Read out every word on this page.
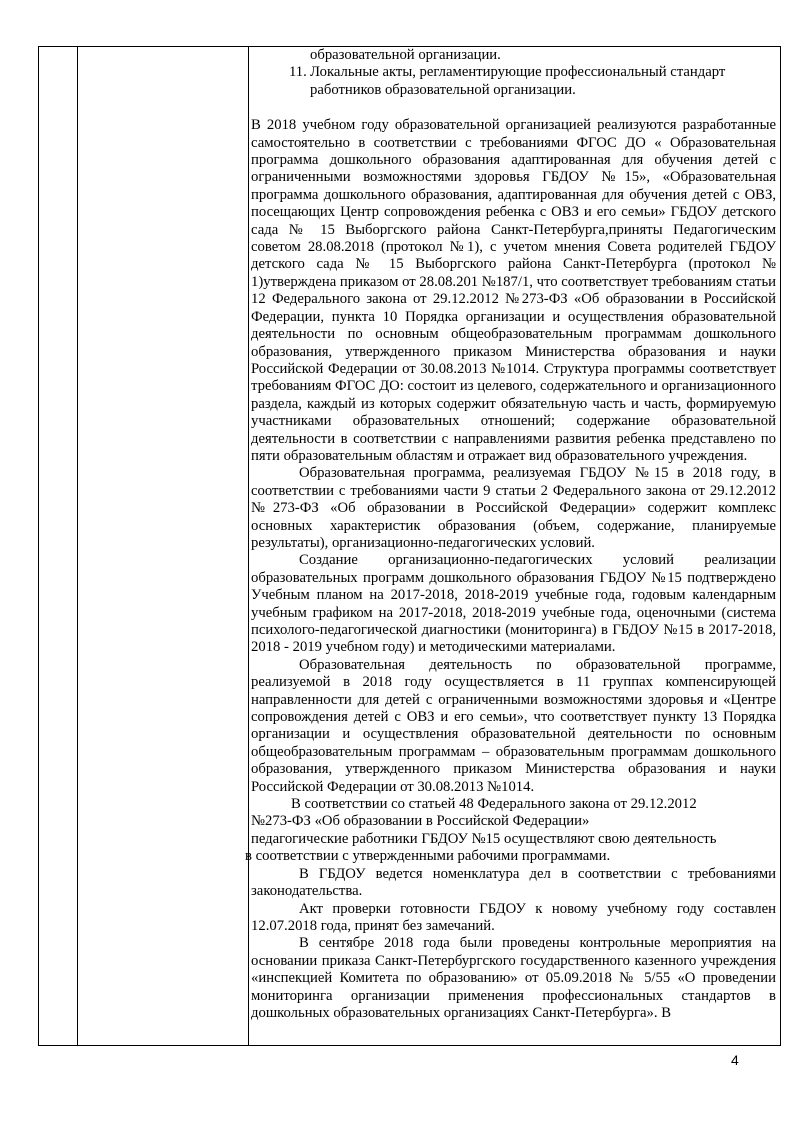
образовательной организации.

11. Локальные акты, регламентирующие профессиональный стандарт
работников образовательной организации.

В 2018 учебном году образовательной организацией реализуются разработанные самостоятельно в соответствии с требованиями ФГОС ДО « Образовательная программа дошкольного образования адаптированная для обучения детей с ограниченными возможностями здоровья ГБДОУ №15», «Образовательная программа дошкольного образования, адаптированная для обучения детей с ОВЗ, посещающих Центр сопровождения ребенка с ОВЗ и его семьи» ГБДОУ детского сада № 15 Выборгского района Санкт-Петербурга,приняты Педагогическим советом 28.08.2018 (протокол №1), с учетом мнения Совета родителей ГБДОУ детского сада № 15 Выборгского района Санкт-Петербурга (протокол № 1)утверждена приказом от 28.08.201 №187/1, что соответствует требованиям статьи 12 Федерального закона от 29.12.2012 №273-ФЗ «Об образовании в Российской Федерации, пункта 10 Порядка организации и осуществления образовательной деятельности по основным общеобразовательным программам дошкольного образования, утвержденного приказом Министерства образования и науки Российской Федерации от 30.08.2013 №1014. Структура программы соответствует требованиям ФГОС ДО: состоит из целевого, содержательного и организационного раздела, каждый из которых содержит обязательную часть и часть, формируемую участниками образовательных отношений; содержание образовательной деятельности в соответствии с направлениями развития ребенка представлено по пяти образовательным областям и отражает вид образовательного учреждения.

Образовательная программа, реализуемая ГБДОУ №15 в 2018 году, в соответствии с требованиями части 9 статьи 2 Федерального закона от 29.12.2012 №273-ФЗ «Об образовании в Российской Федерации» содержит комплекс основных характеристик образования (объем, содержание, планируемые результаты), организационно-педагогических условий.

Создание организационно-педагогических условий реализации образовательных программ дошкольного образования ГБДОУ №15 подтверждено Учебным планом на 2017-2018, 2018-2019 учебные года, годовым календарным учебным графиком на 2017-2018, 2018-2019 учебные года, оценочными (система психолого-педагогической диагностики (мониторинга) в ГБДОУ №15 в 2017-2018, 2018 - 2019 учебном году) и методическими материалами.

Образовательная деятельность по образовательной программе, реализуемой в 2018 году осуществляется в 11 группах компенсирующей направленности для детей с ограниченными возможностями здоровья и «Центре сопровождения детей с ОВЗ и его семьи», что соответствует пункту 13 Порядка организации и осуществления образовательной деятельности по основным общеобразовательным программам – образовательным программам дошкольного образования, утвержденного приказом Министерства образования и науки Российской Федерации от 30.08.2013 №1014.

В соответствии со статьей 48 Федерального закона от 29.12.2012
№273-ФЗ «Об образовании в Российской Федерации»
педагогические работники ГБДОУ №15 осуществляют свою деятельность
в соответствии с утвержденными рабочими программами.

В ГБДОУ ведется номенклатура дел в соответствии с требованиями законодательства.

Акт проверки готовности ГБДОУ к новому учебному году составлен 12.07.2018 года, принят без замечаний.

В сентябре 2018 года были проведены контрольные мероприятия на основании приказа Санкт-Петербургского государственного казенного учреждения «инспекцией Комитета по образованию» от 05.09.2018 № 5/55 «О проведении мониторинга организации применения профессиональных стандартов в дошкольных образовательных организациях Санкт-Петербурга». В

4
